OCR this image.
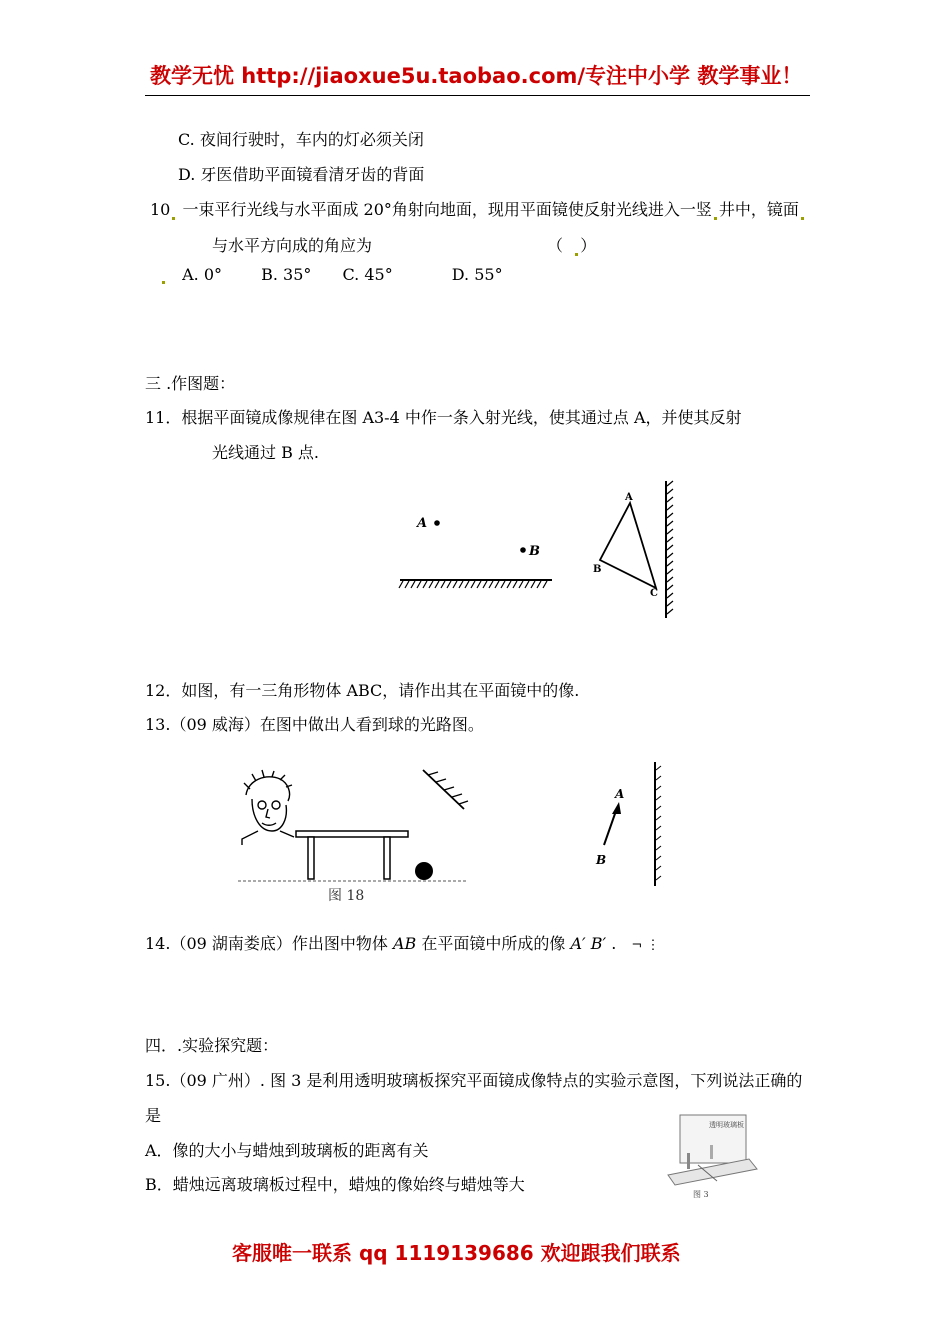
教学无忧 http://jiaoxue5u.taobao.com/专注中小学 教学事业！
C. 夜间行驶时，车内的灯必须关闭
D. 牙医借助平面镜看清牙齿的背面
10 一束平行光线与水平面成 20°角射向地面，现用平面镜使反射光线进入一竖 井中，镜面
与水平方向成的角应为	（ ）
A. 0° B. 35° C. 45°	D. 55°
三 .作图题：
11．根据平面镜成像规律在图 A3-4 中作一条入射光线，使其通过点 A，并使其反射
光线通过 B 点.
A
B
A
B
C
12．如图，有一三角形物体 ABC，请作出其在平面镜中的像.
13.（09 威海）在图中做出人看到球的光路图。
图 18
A
B
14.（09 湖南娄底）作出图中物体 AB 在平面镜中所成的像 A′ B′ . ¬ ⋮
四．.实验探究题：
15.（09 广州）. 图 3 是利用透明玻璃板探究平面镜成像特点的实验示意图，下列说法正确的
是
A．像的大小与蜡烛到玻璃板的距离有关
B．蜡烛远离玻璃板过程中，蜡烛的像始终与蜡烛等大
透明玻璃板
图 3
客服唯一联系 qq 1119139686 欢迎跟我们联系
